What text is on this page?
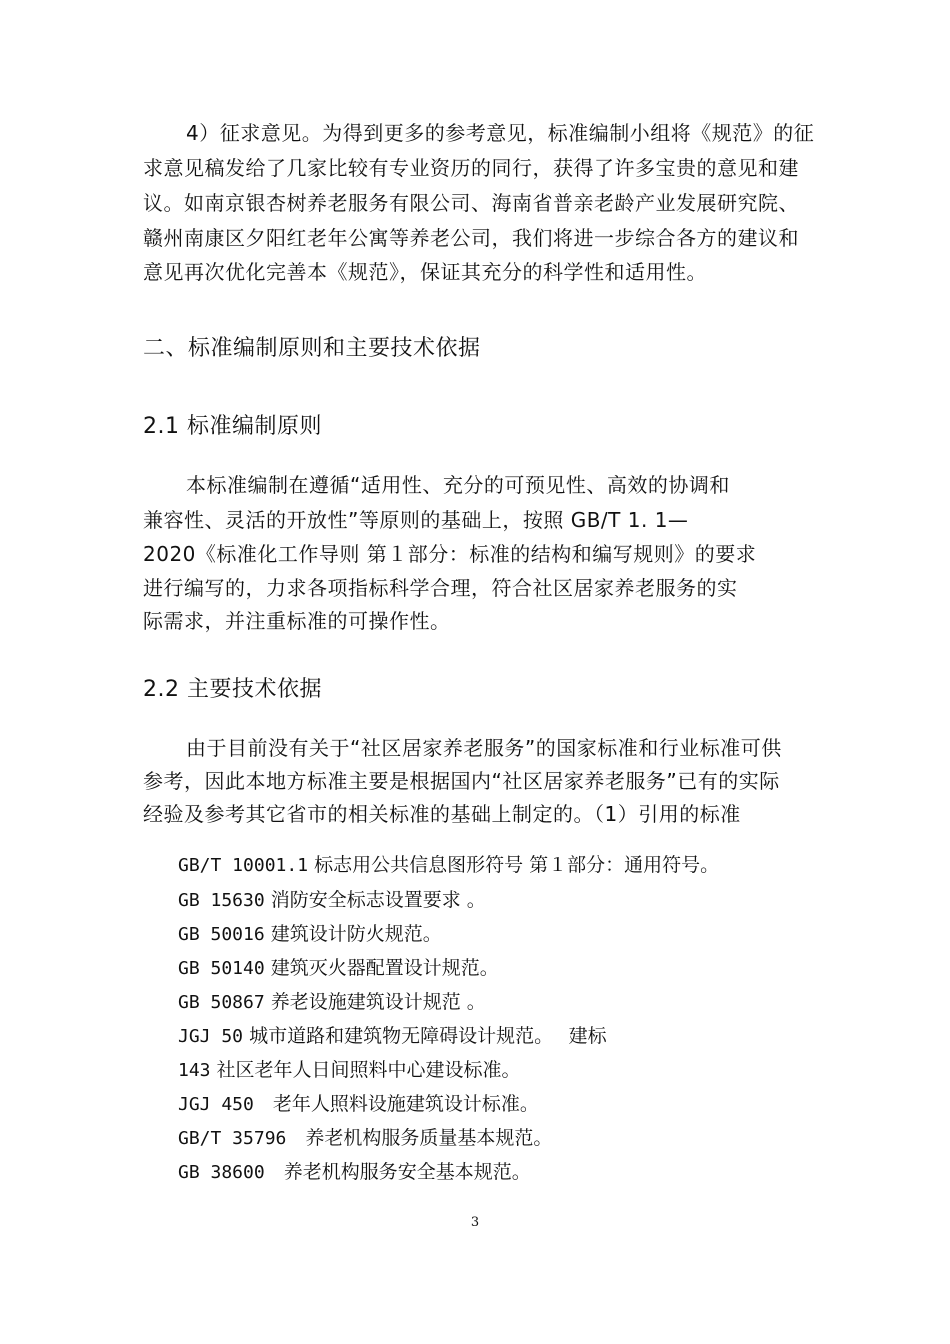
4）征求意见。为得到更多的参考意见，标准编制小组将《规范》的征
求意见稿发给了几家比较有专业资历的同行，获得了许多宝贵的意见和建
议。如南京银杏树养老服务有限公司、海南省普亲老龄产业发展研究院、
赣州南康区夕阳红老年公寓等养老公司，我们将进一步综合各方的建议和
意见再次优化完善本《规范》，保证其充分的科学性和适用性。
二、标准编制原则和主要技术依据
2.1 标准编制原则
本标准编制在遵循“适用性、充分的可预见性、高效的协调和
兼容性、灵活的开放性”等原则的基础上，按照 GB/T 1. 1—
2020《标准化工作导则 第１部分：标准的结构和编写规则》的要求
进行编写的，力求各项指标科学合理，符合社区居家养老服务的实
际需求，并注重标准的可操作性。
2.2 主要技术依据
由于目前没有关于“社区居家养老服务”的国家标准和行业标准可供
参考，因此本地方标准主要是根据国内“社区居家养老服务”已有的实际
经验及参考其它省市的相关标准的基础上制定的。（1）引用的标准
GB/T 10001.1 标志用公共信息图形符号 第１部分：通用符号。
GB 15630 消防安全标志设置要求 。
GB 50016 建筑设计防火规范。
GB 50140 建筑灭火器配置设计规范。
GB 50867 养老设施建筑设计规范 。
JGJ 50 城市道路和建筑物无障碍设计规范。　 建标
143 社区老年人日间照料中心建设标准。
JGJ 450　老年人照料设施建筑设计标准。
GB/T 35796　养老机构服务质量基本规范。
GB 38600　养老机构服务安全基本规范。
3
